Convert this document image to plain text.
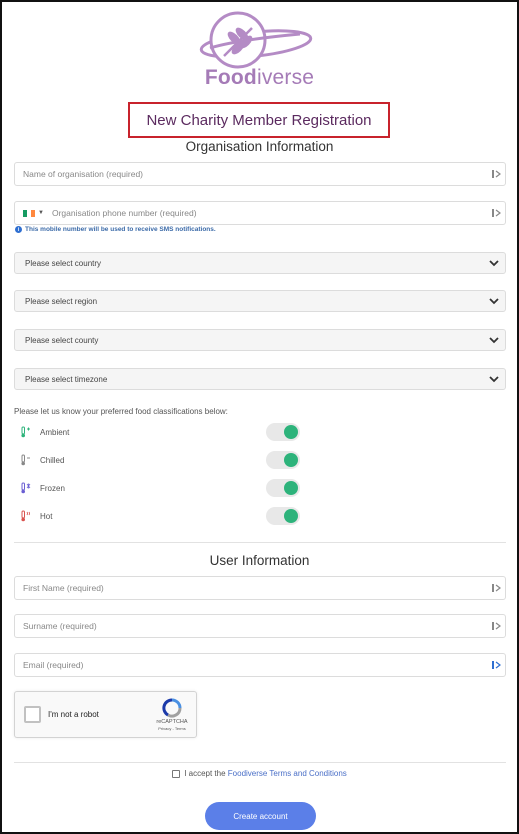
Foodiverse
New Charity Member Registration
Organisation Information
Name of organisation (required)
▼ Organisation phone number (required)
i This mobile number will be used to receive SMS notifications.
Please select country
Please select region
Please select county
Please select timezone
Please let us know your preferred food classifications below:
Ambient
Chilled
Frozen
Hot
User Information
First Name (required)
Surname (required)
Email (required)
I'm not a robot
reCAPTCHA
Privacy - Terms
I accept the Foodiverse Terms and Conditions
Create account
